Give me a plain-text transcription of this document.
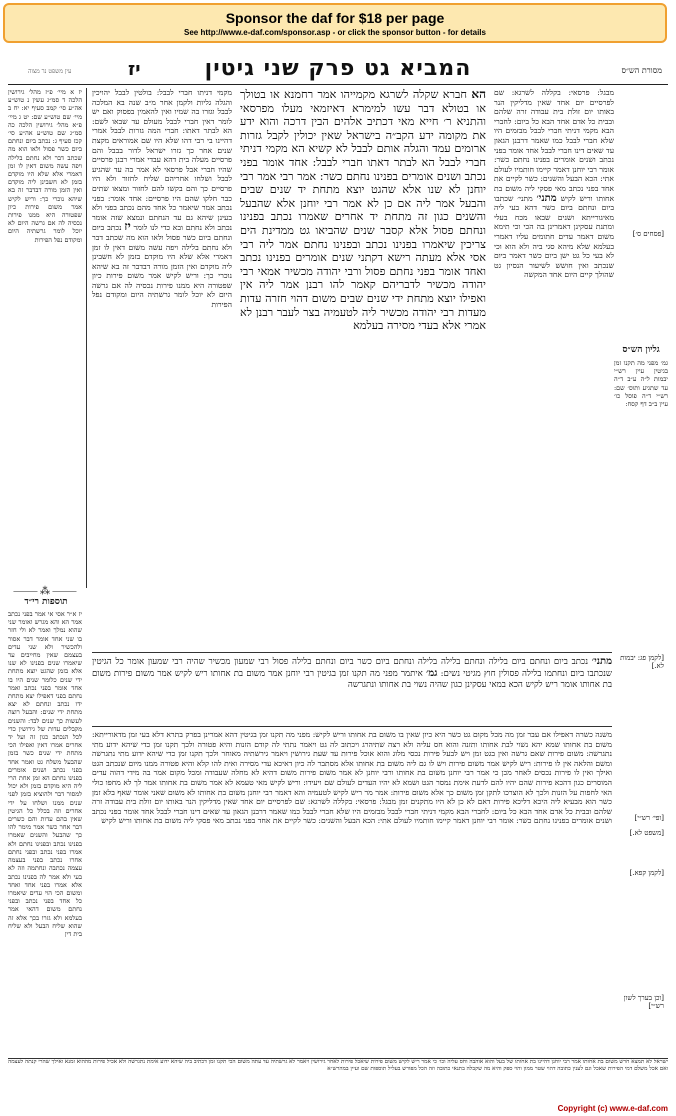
Sponsor the daf for $18 per page
See http://www.e-daf.com/sponsor.asp - or click the sponsor button - for details
עין משפט נר מצוה	יז	המביא גט פרק שני גיטין	מסורת הש״ס
יז א מיי׳ פ״ז מהל׳ גירושין הלכה ד סמ״ג עשין נ טוש״ע אה״ע סי׳ קמב סעיף יא: יח ב מיי׳ שם טוש״ע שם: יט ג מיי׳ פ״א מהל׳ גירושין הלכה כה סמ״ג שם טוש״ע אה״ע סי׳ קכז סעיף ג: נכתב ביום ונחתם ביום כשר פסול ולאו הוא מה שכתב דבר ולא נחתם בלילה ויפה עשה משום דאין לו זמן דאמרי אלא שלא היו מוקדם בזמן לא חשבינן ליה מוקדם ואין הזמן מורה דבדבר זה בא שיהא נוכרי כך: וריש לקיש אמר משום פירות כיון שפטורה היא ממנו פירות נכסיה לה אם גרשה היום לא יוכל לומר גרשתיה היום ומקודם נפל הפירות
⸻⁂⸻
תוספות רי״ד
יז א״ר אסי אי אמר בפני נכתב אמר הא והא מגרש ואומר שני שהוא נמלך ואמר לא ולי חזר בו שני אחד אומר דבר אסור ולהכשיר ולא שני עדים בעצמם שאין מחייבים עד שיאמרו שנים בפנינו לא שנו אלא בזמן שהגט יוצא מתחת ידי שנים כלומר שנים היו בו אחד אומר בפני נכתב ואמר נחתם בפני דאפילו יצא מתחת ידו נכתב ונחתם לא יצא מתחת ידי שנים: והבעל רוצה לעשות כך שנים לבד: והשנים מקבלים עדות של גירושין כדי לכל הנכתב כגון זה ועל יד אחרים אמרו דאין ואפילו הכי מתחת ידי שנים כשר בזמן שהבעל משלח גט ואמר אחד בפני נכתב ושנים אומרים בפנינו נחתם הא זמן אחת הרי ליה היא מוקדם בזמן ולא יכול למסור דבר ולהוציא בזמן לפני שנים ממנו ושלחו על ידי אחרים וזה בכלל כל הגיטין שאין בהם עדות והם כשרים דבר אחר כשר אמר מימר להו כך שהבעל והשנים שאמרו בפנינו נכתב ובפנינו נחתם ולא אמרו בפני נכתב ובפני נחתם אחרו נכתב בפני בעצמה עצמה נכתבה ונחתמה וזה לא בעי ולא אמר לה בפנינו נכתב אלא אמרו בפני אחד ואחד ומשום הכי הוי עדים שיאמרו כל אחד בפני נכתב ובפני נחתם משום דהאי אמר בעלמא ולא גזרו בכך אלא זה שהוא שליח הבעל ולא שליח בית דין
מקמי דניתו חברי לבבל: בולטין לבבל יהויכין והגלה גליות ולקמן אחר מ״ב שנה בא המלכה לבבל וגזרו בה שמיו ואין להאמין בפסוק ואם יש לומר דאין חברי לבבל מעולם עד שבאו לשם: הא לבתר דאתו: חברי המה גזרות לבבל אמרי דהיינו בי רבי דהו שלא היו שם אמוראים מקצת שנים אחר כך גזרו ישראל לדור בבבל והם פרסיים מעלה בית דהא עבדי אמרי רבנן פרסיים שהיו חברי אבל פרסאי לא אמר בה עד שהגיע לבבל ושלחו אחריהם שליח לחזור ולא היו פרסיים כך והם בקשו להם לחזור ומצאו שתים כבר חלקו שהם היו פרסיים: אחד אומר: בפני נכתב אמר שיאמר כל אחד מהם נכתב בפני ולא בעינן שיהא גם עד הנחתם ונמצא שזה אומר נכתב ולא נחתם ובא כדי לנו לומר יז נכתב ביום ונחתם ביום כשר פסול ולאו הוא מה שכתב דבר ולא נחתם בלילה ויפה עשה משום דאין לו זמן דאמרי אלא שלא היו מוקדם בזמן לא חשבינן ליה מוקדם ואין הזמן מורה דבדבר זה בא שיהא נוכרי כך: וריש לקיש אמר משום פירות כיון שפטורה היא ממנו פירות נכסיה לה אם גרשה היום לא יוכל לומר גרשתיה היום ומקודם נפל הפירות
הא חברא שקלה לשרגא מקמייהו אמר רחמנא או בטולך או בטולא דבר עשו למימרא דאיזמאי מעלו מפרסאי והתניא ר׳ חייא מאי דכתיב אלהים הבין דרכה והוא ידע את מקומה ידע הקב״ה בישראל שאין יכולין לקבל גזרות ארומים עמד והגלה אותם לבבל לא קשיא הא מקמי דניתי חברי לבבל הא לבתר דאתו חברי לבבל: אחד אומר בפני נכתב ושנים אומרים בפנינו נחתם כשר: אמר רבי אמר רבי יוחנן לא שנו אלא שהגט יוצא מתחת יד שנים שבים והבעל אמר ליה אם כן לא אמר רבי יוחנן אלא שהבעל והשנים כגון זה מתחת יד אחרים שאמרו נכתב בפנינו ונחתם פסול אלא קסבר שנים שהביאו גט ממדינת הים צריכין שיאמרו בפנינו נכתב ובפנינו נחתם אמר ליה רבי אסי אלא מעתה רישא דקתני שנים אומרים בפנינו נכתב ואחד אומר בפני נחתם פסול ורבי יהודה מכשיר אמאי רבי יהודה מכשיר לדבריהם קאמר להו רבנן אמר ליה אין ואפילו יוצא מתחת ידי שנים שבים משום דהוי חזרה עדות מעדות רבי יהודה מכשיר ליה לטעמיה בצר לעבר רבנן לא אמרי אלא בעדי מסירה בעלמא
מבגל: פרסאי: בקללה לשרגא: שם לפרסיים יום אחד שאין מדליקין הנר באותו יום זולת בית עבודה זרה שלהם ובבית כל אדם אחד הבא כל ביום: לחברי הבא מקמי דניתי חברי לבבל מבזמים היו שלא חברי לבבל כמו שאמר דרבנן הגאון עד שאים דינו חברי לבבל אחד אומר בפני נכתב ושנים אומרים בפנינו נחתם כשר: אומר רבי יוחנן דאמר קיימו חותמיו לעולם אתי: הכא הבעל והשנים: כשר לקיים את אחד בפני נכתב מאי פסקי ליה משום בת אחותו וריש לקיש מתני׳ מתני׳ שכתבו ביום ונחתם ביום כשר דהא בעי ליה מאיגורייתא ושנים שבאו מכח בעלי ומתנת עסקינן דאמרינן בה הכי וכי תימא משום דאמר עדים חתומים עליו דאמרי בעלמא שלא מיהא סגי ביה ולא הוא וכי לא בעי כל גט ישן ביום כשר דאמר ביום שנכתב ואין חושש לשיעור הנסיון גט שהולך קיים היום אחד המקשה
[פסחים ס׳]
גליון הש״ס
גמ׳ מפני מה תקנו זמן בגיטין עיין רש״י יבמות ל״ה ע״ב ד״ה עד שתגיע ותוס׳ שם: רש״י ד״ה פוסל כו׳ עיין ב״ב דף קסח:
[לקמן פג: יבמות לא.]
[ופי׳ רש״י]
[משפט לא.]
[לקמן קפא.]
[וכן בערך לשון רש״י]
מתני׳ נכתב ביום ונחתם ביום בלילה ונחתם בלילה בלילה ונחתם ביום כשר ביום ונחתם בלילה פסול רבי שמעון מכשיר שהיה רבי שמעון אומר כל הגיטין שנכתבו ביום ונחתמו בלילה פסולין חוץ מגיטי נשים: גמ׳ איתמר מפני מה תקנו זמן בגיטין רבי יוחנן אמר משום בת אחותו ריש לקיש אמר משום פירות משום בת אחותו אומר ריש לקיש הכא במאי עסקינן כגון שהיה נשוי בת אחותו ונתגרשה
משנה כשרה דאפילו אם עבר זמן מה מכל מקום גט כשר היא כיון שאין בו משום בת אחותו וריש לקיש: מפני מה תקנו זמן בגיטין דהא אמרינן בפרק בתרא דלא בעי זמן מדאורייתא: משום בת אחותו שמא יהא נשוי לבת אחותו ותזנה והוא חס עליה ולא רצה שתיהרג ויכתוב לה גט ויאמר נתתי לה קודם הזנות והיא פטורה ולכך תקנו זמן כדי שיהא ידוע מתי נתגרשה: משום פירות שאם גרשה ואין בגט זמן ויש לבעל פירות נכסי מלוג והוא אוכל פירות עד שעת גירושין ויאמר גירשתיה מאוחר ולכך תקנו זמן כדי שיהא ידוע מתי נתגרשה ומשם והלאה אין לו פירות: ריש לקיש אמר משום פירות ויש לו גם ליה משום בת אחותו אלא מסתבר לה כיון דאיכא עדי מסירה ואית להו קלא והיא פטורה ממנו מיום שנכתב הגט ואילך ואין לו פירות נכסים לאחר מכן כי אמר רבי יוחנן משום בת אחותו ורבי יוחנן לא אמר משום פירות משום דהיא לא מחלה שעבודה ומכל מקום אמר בה מידי דהוה עדים המוסרים כגון דהכא פירות שהם יהיו להם לדעת אימת נמסר הגט ושמא לא יהיו העדים לעולם שם ויעידו: וריש לקיש מאי טעמא לא אמר משום בת אחותו אמר לך לא מחפו כולי האי לחפות על הזנות ולכך לא הוצרכו לתקן זמן משום כך אלא משום פירות: אמר מר ריש לקיש לטעמיה והא דאמר רבי יוחנן משום בת אחותו לא משום שאני אומר שאף בלא זמן כשר הוא מבעיא ליה היכא דליכא פירות דאם לא כן לא היו מתקנים זמן מבגל: פרסאי: בקללה לשרגא: שם לפרסיים יום אחד שאין מדליקין הנר באותו יום זולת בית עבודה זרה שלהם ובבית כל אדם אחד הבא כל ביום: לחברי הבא מקמי דניתי חברי לבבל מבזמים היו שלא חברי לבבל כמו שאמר דרבנן הגאון עד שאים דינו חברי לבבל אחד אומר בפני נכתב ושנים אומרים בפנינו נחתם כשר: אומר רבי יוחנן דאמר קיימו חותמיו לעולם אתי: הכא הבעל והשנים: כשר לקיים את אחד בפני נכתב מאי פסקי ליה משום בת אחותו וריש לקיש
ישראל לא תמצא חרש משום בת אחותו אמר רבי יוחנן דהיינו בת אחותו של בעל והוא אוהבה וחס עליה וכו׳ כי אמר ריש לקיש משום פירות שיאכל פירות לאחר גירושין ויאמר לא גרשתיה עד עתה משום הכי תקנו זמן דכתיב ביה שיהא ידוע אימת נתגרשה ולא אכיל פירות מההוא זמנא ואילך שהרי קנתה לעצמה ואם אכל משלם דמי הפירות שאכל וגם לענין כתובה דהוי שטר ממון והוי ספק והיא מה שקבלה בתנאי כתובה וזה הכל מפורש בעליל תוספות שם ועיין במהרש״א
Copyright (c) www.e-daf.com
